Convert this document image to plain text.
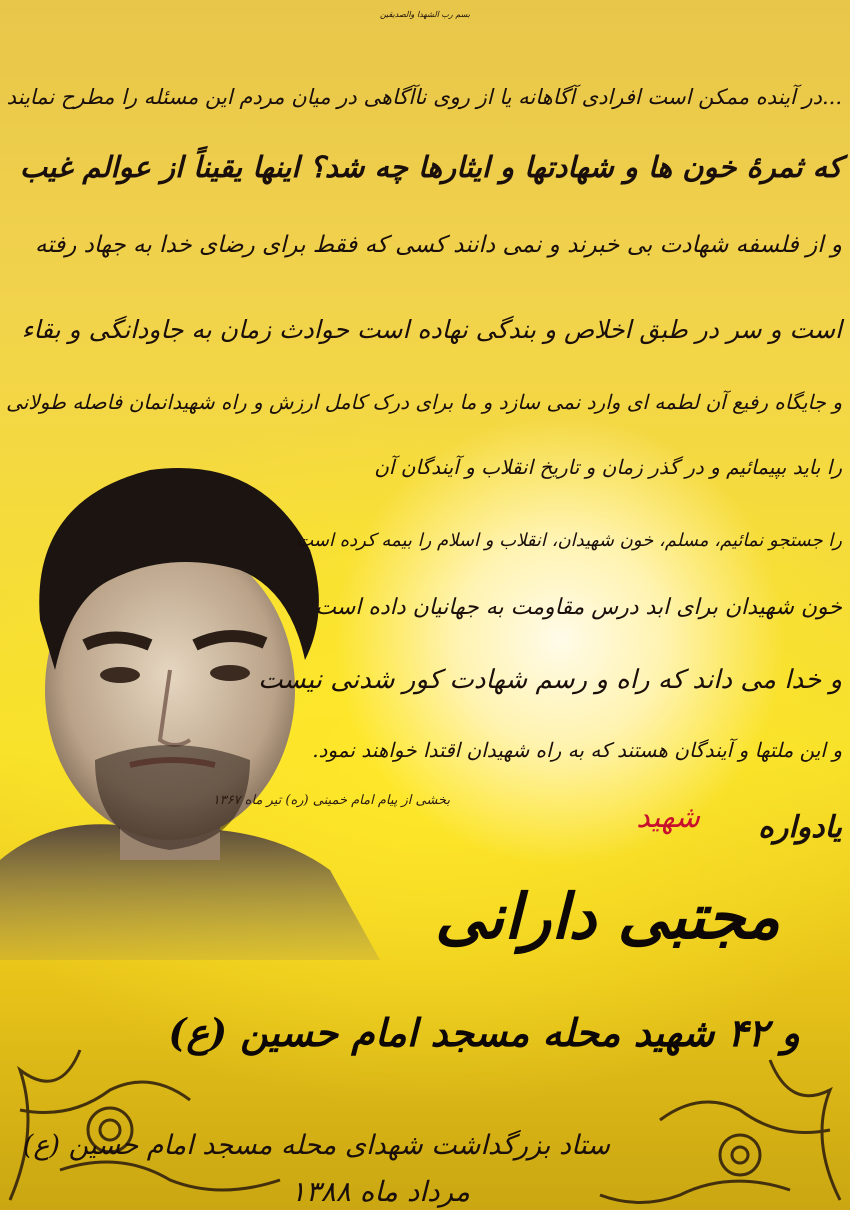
بسم رب الشهدا والصدیقین
...در آینده ممکن است افرادی آگاهانه یا از روی ناآگاهی در میان مردم این مسئله را مطرح نمایند
که ثمرهٔ خون ها و شهادتها و ایثارها چه شد؟ اینها یقیناً از عوالم غیب
و از فلسفه شهادت بی خبرند و نمی دانند کسی که فقط برای رضای خدا به جهاد رفته
است و سر در طبق اخلاص و بندگی نهاده است حوادث زمان به جاودانگی و بقاء
و جایگاه رفیع آن لطمه ای وارد نمی سازد و ما برای درک کامل ارزش و راه شهیدانمان فاصله طولانی
را باید بپیمائیم و در گذر زمان و تاریخ انقلاب و آیندگان آن
را جستجو نمائیم، مسلم، خون شهیدان، انقلاب و اسلام را بیمه کرده است
خون شهیدان برای ابد درس مقاومت به جهانیان داده است
و خدا می داند که راه و رسم شهادت کور شدنی نیست
و این ملتها و آیندگان هستند که به راه شهیدان اقتدا خواهند نمود.
بخشی از پیام امام خمینی (ره) تیر ماه ۱۳۶۷
یادواره
شهید
مجتبی دارانی
و ۴۲ شهید محله مسجد امام حسین (ع)
ستاد بزرگداشت شهدای محله مسجد امام حسین (ع)
مرداد ماه ۱۳۸۸
